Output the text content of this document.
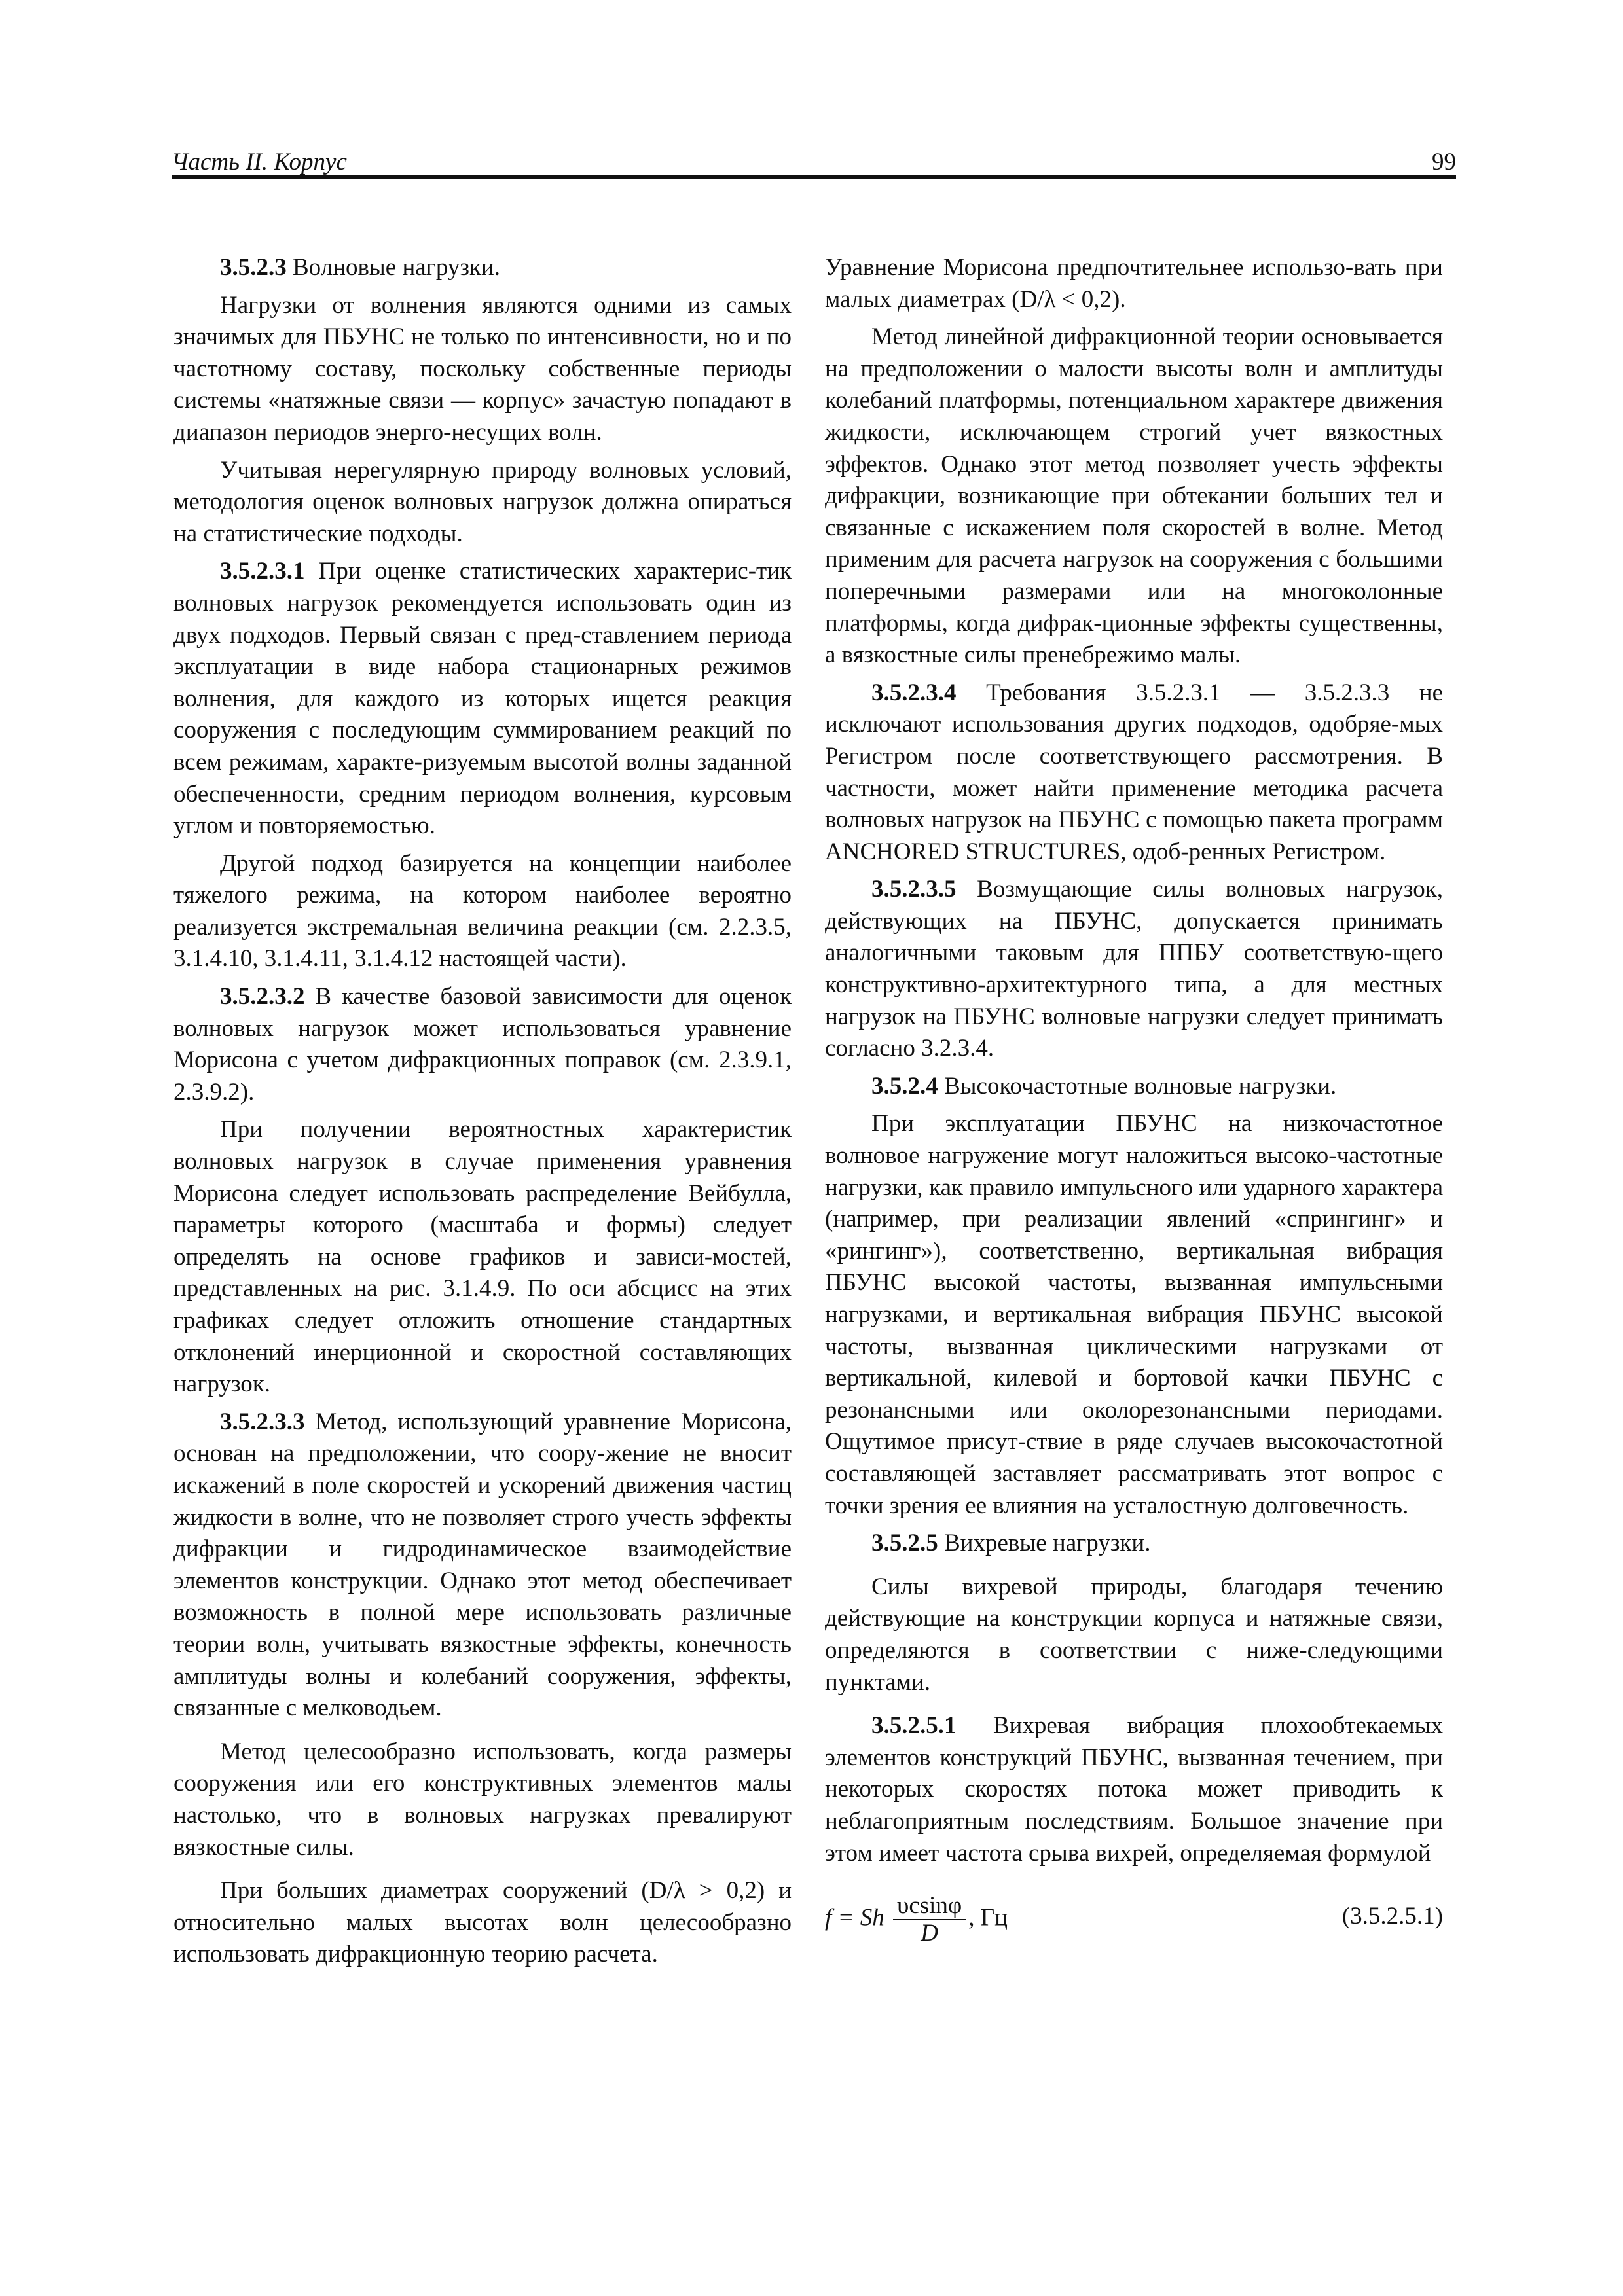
Часть II. Корпус	99

3.5.2.3 Волновые нагрузки.

Нагрузки от волнения являются одними из самых значимых для ПБУНС не только по интенсивности, но и по частотному составу, поскольку собственные периоды системы «натяжные связи — корпус» зачастую попадают в диапазон периодов энерго-несущих волн.

Учитывая нерегулярную природу волновых условий, методология оценок волновых нагрузок должна опираться на статистические подходы.

3.5.2.3.1 При оценке статистических характерис-тик волновых нагрузок рекомендуется использовать один из двух подходов. Первый связан с пред-ставлением периода эксплуатации в виде набора стационарных режимов волнения, для каждого из которых ищется реакция сооружения с последующим суммированием реакций по всем режимам, характе-ризуемым высотой волны заданной обеспеченности, средним периодом волнения, курсовым углом и повторяемостью.

Другой подход базируется на концепции наиболее тяжелого режима, на котором наиболее вероятно реализуется экстремальная величина реакции (см. 2.2.3.5, 3.1.4.10, 3.1.4.11, 3.1.4.12 настоящей части).

3.5.2.3.2 В качестве базовой зависимости для оценок волновых нагрузок может использоваться уравнение Морисона с учетом дифракционных поправок (см. 2.3.9.1, 2.3.9.2).

При получении вероятностных характеристик волновых нагрузок в случае применения уравнения Морисона следует использовать распределение Вейбулла, параметры которого (масштаба и формы) следует определять на основе графиков и зависи-мостей, представленных на рис. 3.1.4.9. По оси абсцисс на этих графиках следует отложить отношение стандартных отклонений инерционной и скоростной составляющих нагрузок.

3.5.2.3.3 Метод, использующий уравнение Морисона, основан на предположении, что соору-жение не вносит искажений в поле скоростей и ускорений движения частиц жидкости в волне, что не позволяет строго учесть эффекты дифракции и гидродинамическое взаимодействие элементов конструкции. Однако этот метод обеспечивает возможность в полной мере использовать различные теории волн, учитывать вязкостные эффекты, конечность амплитуды волны и колебаний сооружения, эффекты, связанные с мелководьем.

Метод целесообразно использовать, когда размеры сооружения или его конструктивных элементов малы настолько, что в волновых нагрузках превалируют вязкостные силы.

При больших диаметрах сооружений (D/λ > 0,2) и относительно малых высотах волн целесообразно использовать дифракционную теорию расчета.

Уравнение Морисона предпочтительнее использо-вать при малых диаметрах (D/λ < 0,2).

Метод линейной дифракционной теории основывается на предположении о малости высоты волн и амплитуды колебаний платформы, потенциальном характере движения жидкости, исключающем строгий учет вязкостных эффектов. Однако этот метод позволяет учесть эффекты дифракции, возникающие при обтекании больших тел и связанные с искажением поля скоростей в волне. Метод применим для расчета нагрузок на сооружения с большими поперечными размерами или на многоколонные платформы, когда дифрак-ционные эффекты существенны, а вязкостные силы пренебрежимо малы.

3.5.2.3.4 Требования 3.5.2.3.1 — 3.5.2.3.3 не исключают использования других подходов, одобряе-мых Регистром после соответствующего рассмотрения. В частности, может найти применение методика расчета волновых нагрузок на ПБУНС с помощью пакета программ ANCHORED STRUCTURES, одоб-ренных Регистром.

3.5.2.3.5 Возмущающие силы волновых нагрузок, действующих на ПБУНС, допускается принимать аналогичными таковым для ППБУ соответствую-щего конструктивно-архитектурного типа, а для местных нагрузок на ПБУНС волновые нагрузки следует принимать согласно 3.2.3.4.

3.5.2.4 Высокочастотные волновые нагрузки.

При эксплуатации ПБУНС на низкочастотное волновое нагружение могут наложиться высоко-частотные нагрузки, как правило импульсного или ударного характера (например, при реализации явлений «спрингинг» и «рингинг»), соответственно, вертикальная вибрация ПБУНС высокой частоты, вызванная импульсными нагрузками, и вертикальная вибрация ПБУНС высокой частоты, вызванная циклическими нагрузками от вертикальной, килевой и бортовой качки ПБУНС с резонансными или околорезонансными периодами. Ощутимое присут-ствие в ряде случаев высокочастотной составляющей заставляет рассматривать этот вопрос с точки зрения ее влияния на усталостную долговечность.

3.5.2.5 Вихревые нагрузки.

Силы вихревой природы, благодаря течению действующие на конструкции корпуса и натяжные связи, определяются в соответствии с ниже-следующими пунктами.

3.5.2.5.1 Вихревая вибрация плохообтекаемых элементов конструкций ПБУНС, вызванная течением, при некоторых скоростях потока может приводить к неблагоприятным последствиям. Большое значение при этом имеет частота срыва вихрей, определяемая формулой

f = Sh $\frac{\upsilon csin\varphi}{D}$ , Гц	(3.5.2.5.1)
